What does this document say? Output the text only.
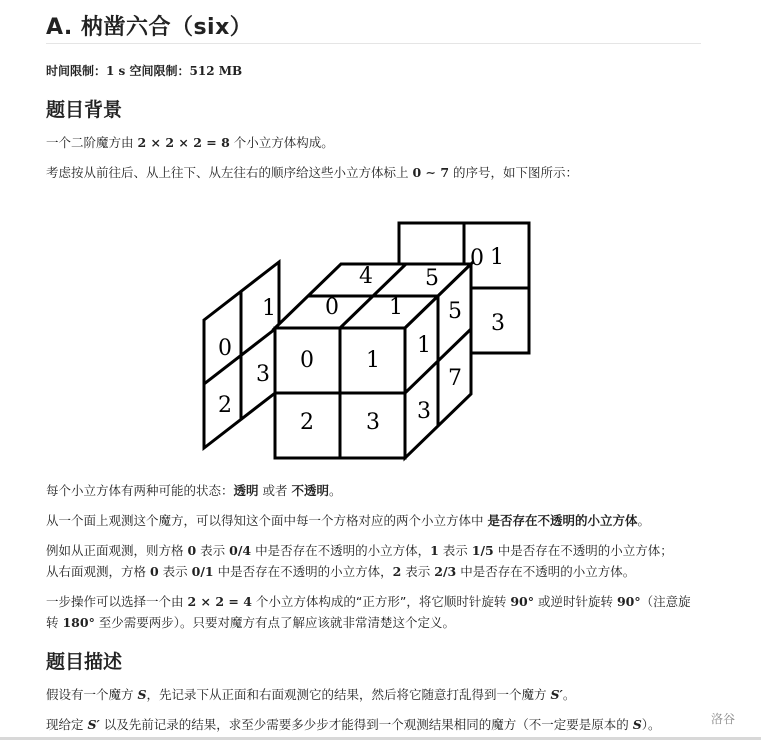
A. 枘凿六合（six）
时间限制：1 s 空间限制：512 MB
题目背景

一个二阶魔方由 2 × 2 × 2 = 8 个小立方体构成。

考虑按从前往后、从上往下、从左往右的顺序给这些小立方体标上 0 ∼ 7 的序号，如下图所示：

0 1
3
1
0
3
2
4 5
0 1
0 1
2 3
5
1
7
3

每个小立方体有两种可能的状态：透明 或者 不透明。

从一个面上观测这个魔方，可以得知这个面中每一个方格对应的两个小立方体中 是否存在不透明的小立方体。

例如从正面观测，则方格 0 表示 0/4 中是否存在不透明的小立方体，1 表示 1/5 中是否存在不透明的小立方体；

从右面观测，方格 0 表示 0/1 中是否存在不透明的小立方体，2 表示 2/3 中是否存在不透明的小立方体。

一步操作可以选择一个由 2 × 2 = 4 个小立方体构成的“正方形”，将它顺时针旋转 90° 或逆时针旋转 90°（注意旋

转 180° 至少需要两步）。只要对魔方有点了解应该就非常清楚这个定义。

题目描述

假设有一个魔方 S，先记录下从正面和右面观测它的结果，然后将它随意打乱得到一个魔方 S′。

现给定 S′ 以及先前记录的结果，求至少需要多少步才能得到一个观测结果相同的魔方（不一定要是原本的 S）。	洛谷
